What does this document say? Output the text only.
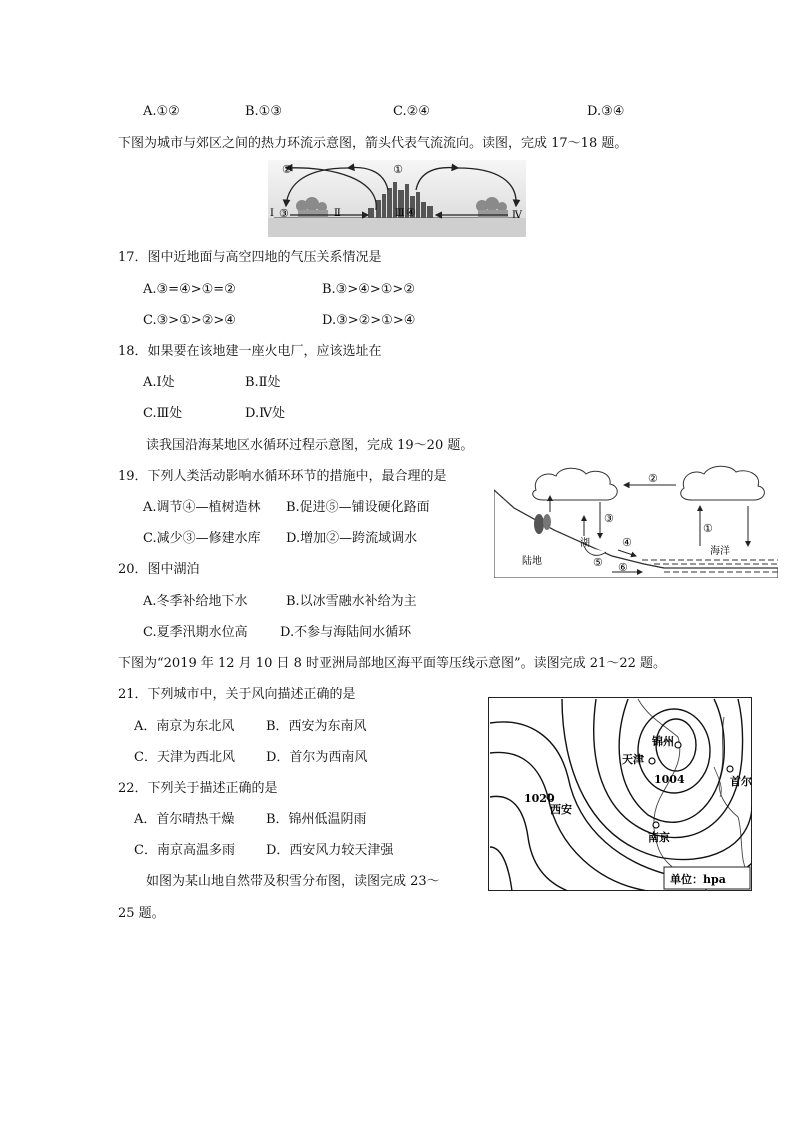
A.①②	B.①③	C.②④	D.③④
下图为城市与郊区之间的热力环流示意图，箭头代表气流流向。读图，完成 17～18 题。
①
②
③	④
Ⅰ	Ⅱ	Ⅲ	Ⅳ
17．图中近地面与高空四地的气压关系情况是
A.③=④>①=②	B.③>④>①>②
C.③>①>②>④	D.③>②>①>④
18．如果要在该地建一座火电厂，应该选址在
A.Ⅰ处	B.Ⅱ处
C.Ⅲ处	D.Ⅳ处
读我国沿海某地区水循环过程示意图，完成 19～20 题。
19．下列人类活动影响水循环环节的措施中，最合理的是
A.调节④—植树造林 B.促进⑤—铺设硬化路面
C.减少③—修建水库 D.增加②—跨流域调水
②
③
湖	④
⑤ ⑥
①
海洋
陆地
20．图中湖泊
A.冬季补给地下水	B.以冰雪融水补给为主
C.夏季汛期水位高 D.不参与海陆间水循环
下图为“2019 年 12 月 10 日 8 时亚洲局部地区海平面等压线示意图”。读图完成 21～22 题。
21．下列城市中，关于风向描述正确的是
A．南京为东北风 B．西安为东南风
C．天津为西北风 D．首尔为西南风
22．下列关于描述正确的是
A．首尔晴热干燥 B．锦州低温阴雨
C．南京高温多雨 D．西安风力较天津强
单位：hpa
锦州
天津
1004	首尔
1020
西安
南京
如图为某山地自然带及积雪分布图，读图完成 23～
25 题。
